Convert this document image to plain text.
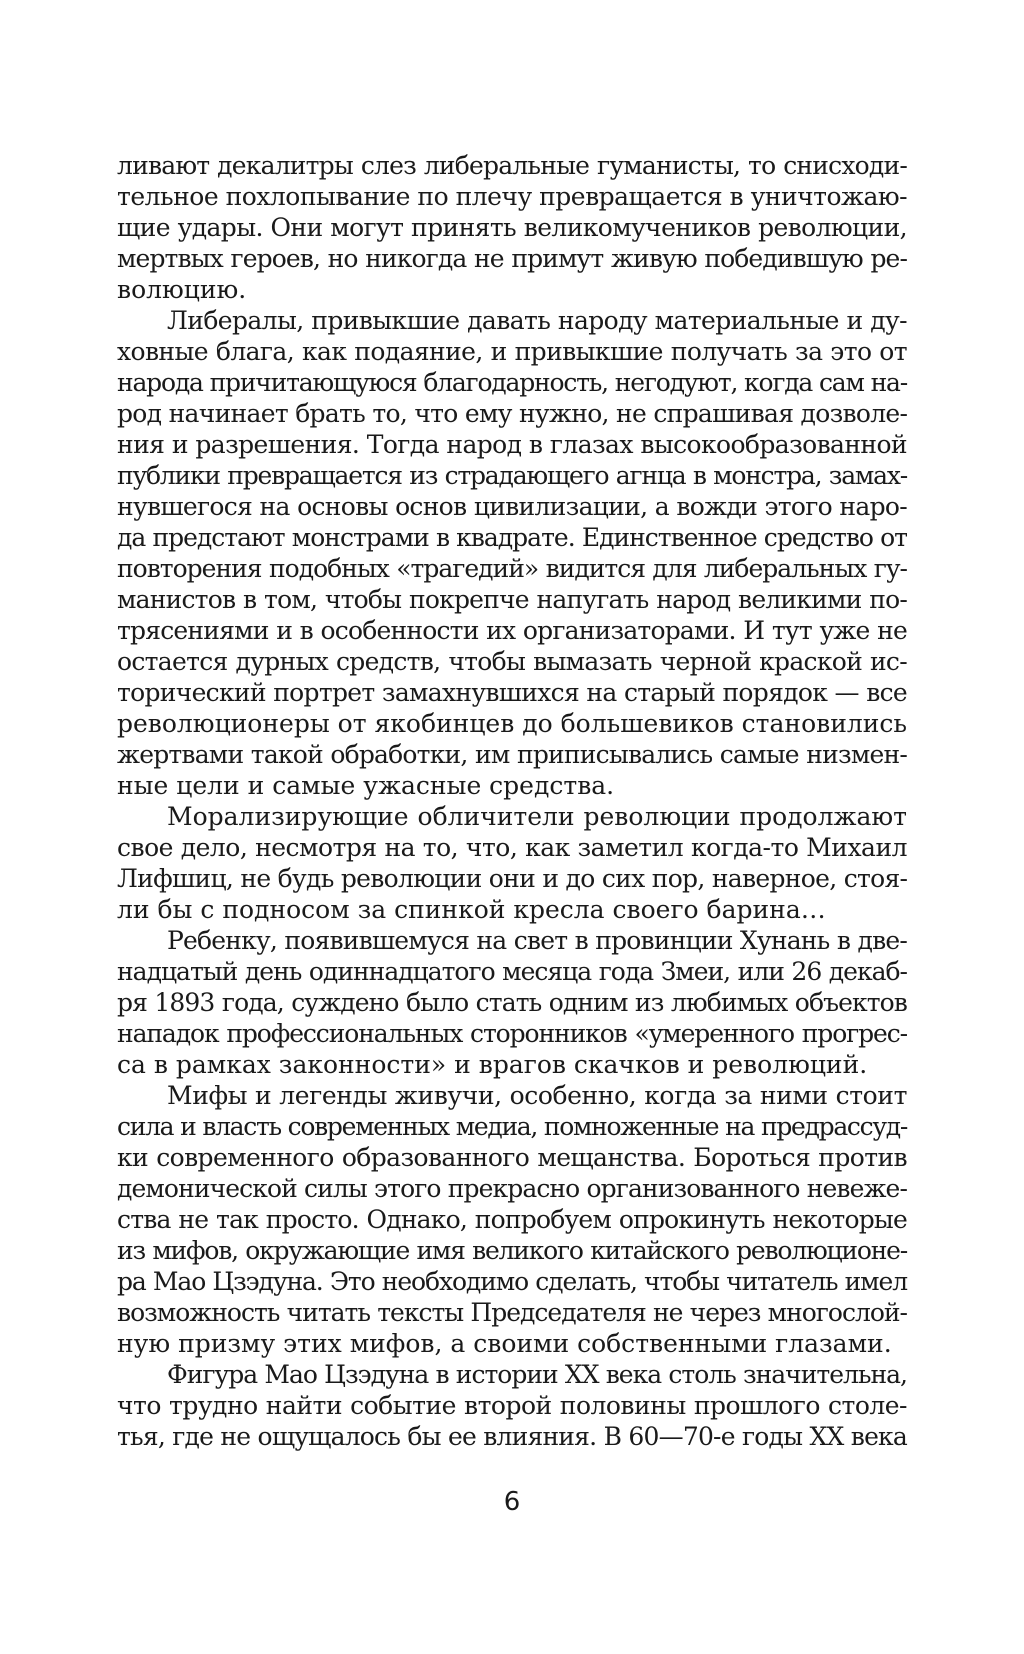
ливают декалитры слез либеральные гуманисты, то снисходи-
тельное похлопывание по плечу превращается в уничтожаю-
щие удары. Они могут принять великомучеников революции,
мертвых героев, но никогда не примут живую победившую ре-
волюцию.
Либералы, привыкшие давать народу материальные и ду-
ховные блага, как подаяние, и привыкшие получать за это от
народа причитающуюся благодарность, негодуют, когда сам на-
род начинает брать то, что ему нужно, не спрашивая дозволе-
ния и разрешения. Тогда народ в глазах высокообразованной
публики превращается из страдающего агнца в монстра, замах-
нувшегося на основы основ цивилизации, а вожди этого наро-
да предстают монстрами в квадрате. Единственное средство от
повторения подобных «трагедий» видится для либеральных гу-
манистов в том, чтобы покрепче напугать народ великими по-
трясениями и в особенности их организаторами. И тут уже не
остается дурных средств, чтобы вымазать черной краской ис-
торический портрет замахнувшихся на старый порядок — все
революционеры от якобинцев до большевиков становились
жертвами такой обработки, им приписывались самые низмен-
ные цели и самые ужасные средства.
Морализирующие обличители революции продолжают
свое дело, несмотря на то, что, как заметил когда-то Михаил
Лифшиц, не будь революции они и до сих пор, наверное, стоя-
ли бы с подносом за спинкой кресла своего барина…
Ребенку, появившемуся на свет в провинции Хунань в две-
надцатый день одиннадцатого месяца года Змеи, или 26 декаб-
ря 1893 года, суждено было стать одним из любимых объектов
нападок профессиональных сторонников «умеренного прогрес-
са в рамках законности» и врагов скачков и революций.
Мифы и легенды живучи, особенно, когда за ними стоит
сила и власть современных медиа, помноженные на предрассуд-
ки современного образованного мещанства. Бороться против
демонической силы этого прекрасно организованного невеже-
ства не так просто. Однако, попробуем опрокинуть некоторые
из мифов, окружающие имя великого китайского революционе-
ра Мао Цзэдуна. Это необходимо сделать, чтобы читатель имел
возможность читать тексты Председателя не через многослой-
ную призму этих мифов, а своими собственными глазами.
Фигура Мао Цзэдуна в истории XX века столь значительна,
что трудно найти событие второй половины прошлого столе-
тья, где не ощущалось бы ее влияния. В 60—70-е годы XX века
6
